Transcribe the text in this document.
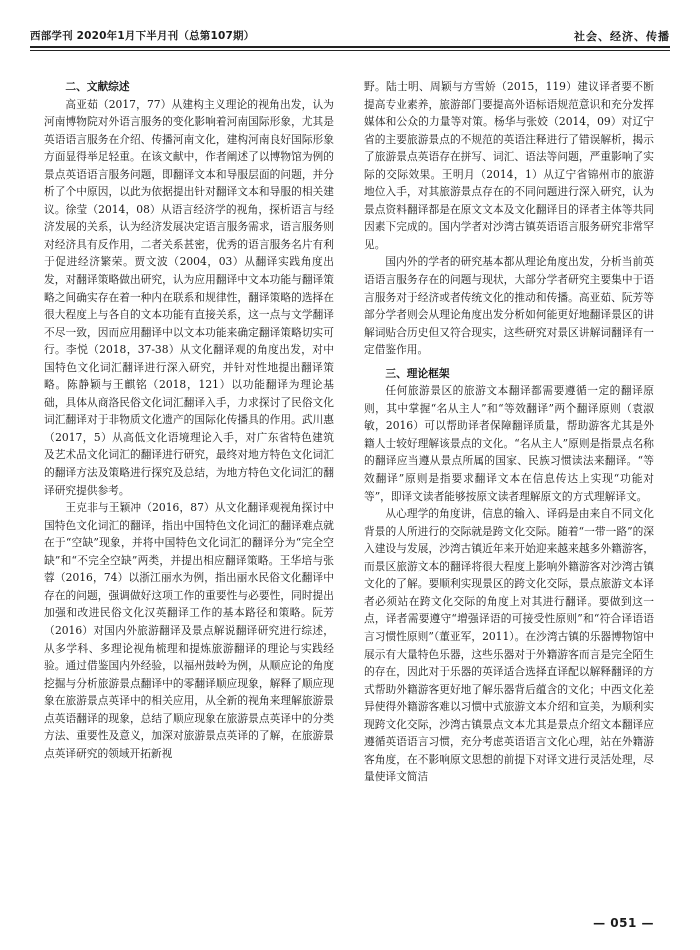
西部学刊 2020年1月下半月刊（总第107期）	社会、经济、传播
二、文献综述

高亚茹（2017，77）从建构主义理论的视角出发，认为河南博物院对外语言服务的变化影响着河南国际形象，尤其是英语语言服务在介绍、传播河南文化，建构河南良好国际形象方面显得举足轻重。在该文献中，作者阐述了以博物馆为例的景点英语语言服务问题，即翻译文本和导服层面的问题，并分析了个中原因，以此为依据提出针对翻译文本和导服的相关建议。徐莹（2014，08）从语言经济学的视角，探析语言与经济发展的关系，认为经济发展决定语言服务需求，语言服务则对经济具有反作用，二者关系甚密，优秀的语言服务名片有利于促进经济繁荣。贾文波（2004，03）从翻译实践角度出发，对翻译策略做出研究，认为应用翻译中文本功能与翻译策略之间确实存在着一种内在联系和规律性，翻译策略的选择在很大程度上与各自的文本功能有直接关系，这一点与文学翻译不尽一致，因而应用翻译中以文本功能来确定翻译策略切实可行。李悦（2018，37-38）从文化翻译观的角度出发，对中国特色文化词汇翻译进行深入研究，并针对性地提出翻译策略。陈静颖与王麒铭（2018，121）以功能翻译为理论基础，具体从商洛民俗文化词汇翻译入手，力求探讨了民俗文化词汇翻译对于非物质文化遗产的国际化传播具的作用。武川惠（2017，5）从高低文化语境理论入手，对广东省特色建筑及艺术品文化词汇的翻译进行研究，最终对地方特色文化词汇的翻译方法及策略进行探究及总结，为地方特色文化词汇的翻译研究提供参考。

王克非与王颖冲（2016，87）从文化翻译观视角探讨中国特色文化词汇的翻译，指出中国特色文化词汇的翻译难点就在于“空缺”现象，并将中国特色文化词汇的翻译分为“完全空缺”和“不完全空缺”两类，并提出相应翻译策略。王华培与张蓉（2016，74）以浙江丽水为例，指出丽水民俗文化翻译中存在的问题，强调做好这项工作的重要性与必要性，同时提出加强和改进民俗文化汉英翻译工作的基本路径和策略。阮芳（2016）对国内外旅游翻译及景点解说翻译研究进行综述，从多学科、多理论视角梳理和提炼旅游翻译的理论与实践经验。通过借鉴国内外经验，以福州鼓岭为例，从顺应论的角度挖掘与分析旅游景点翻译中的零翻译顺应现象，解释了顺应现象在旅游景点英译中的相关应用，从全新的视角来理解旅游景点英语翻译的现象，总结了顺应现象在旅游景点英译中的分类方法、重要性及意义，加深对旅游景点英译的了解，在旅游景点英译研究的领域开拓新视

野。陆士明、周颖与方雪娇（2015，119）建议译者要不断提高专业素养，旅游部门要提高外语标语规范意识和充分发挥媒体和公众的力量等对策。杨华与张姣（2014，09）对辽宁省的主要旅游景点的不规范的英语注释进行了错误解析，揭示了旅游景点英语存在拼写、词汇、语法等问题，严重影响了实际的交际效果。王明月（2014，1）从辽宁省锦州市的旅游地位入手，对其旅游景点存在的不同问题进行深入研究，认为景点资料翻译都是在原文文本及文化翻译目的译者主体等共同因素下完成的。国内学者对沙湾古镇英语语言服务研究非常罕见。

国内外的学者的研究基本都从理论角度出发，分析当前英语语言服务存在的问题与现状，大部分学者研究主要集中于语言服务对于经济或者传统文化的推动和传播。高亚茹、阮芳等部分学者则会从理论角度出发分析如何能更好地翻译景区的讲解词贴合历史但又符合现实，这些研究对景区讲解词翻译有一定借鉴作用。

三、理论框架

任何旅游景区的旅游文本翻译都需要遵循一定的翻译原则，其中掌握“名从主人”和“等效翻译”两个翻译原则（袁淑敏，2016）可以帮助译者保障翻译质量，帮助游客尤其是外籍人士较好理解该景点的文化。“名从主人”原则是指景点名称的翻译应当遵从景点所属的国家、民族习惯读法来翻译。“等效翻译”原则是指要求翻译文本在信息传达上实现“功能对等”，即译文读者能够按原文读者理解原文的方式理解译文。

从心理学的角度讲，信息的输入、译码是由来自不同文化背景的人所进行的交际就是跨文化交际。随着“一带一路”的深入建设与发展，沙湾古镇近年来开始迎来越来越多外籍游客，而景区旅游文本的翻译将很大程度上影响外籍游客对沙湾古镇文化的了解。要顺利实现景区的跨文化交际，景点旅游文本译者必须站在跨文化交际的角度上对其进行翻译。要做到这一点，译者需要遵守“增强译语的可接受性原则”和“符合译语语言习惯性原则”（董亚军，2011）。在沙湾古镇的乐器博物馆中展示有大量特色乐器，这些乐器对于外籍游客而言是完全陌生的存在，因此对于乐器的英译适合选择直译配以解释翻译的方式帮助外籍游客更好地了解乐器背后蕴含的文化；中西文化差异使得外籍游客难以习惯中式旅游文本介绍和宣美，为顺利实现跨文化交际，沙湾古镇景点文本尤其是景点介绍文本翻译应遵循英语语言习惯，充分考虑英语语言文化心理，站在外籍游客角度，在不影响原文思想的前提下对译文进行灵活处理，尽量使译文简洁

— 051 —
